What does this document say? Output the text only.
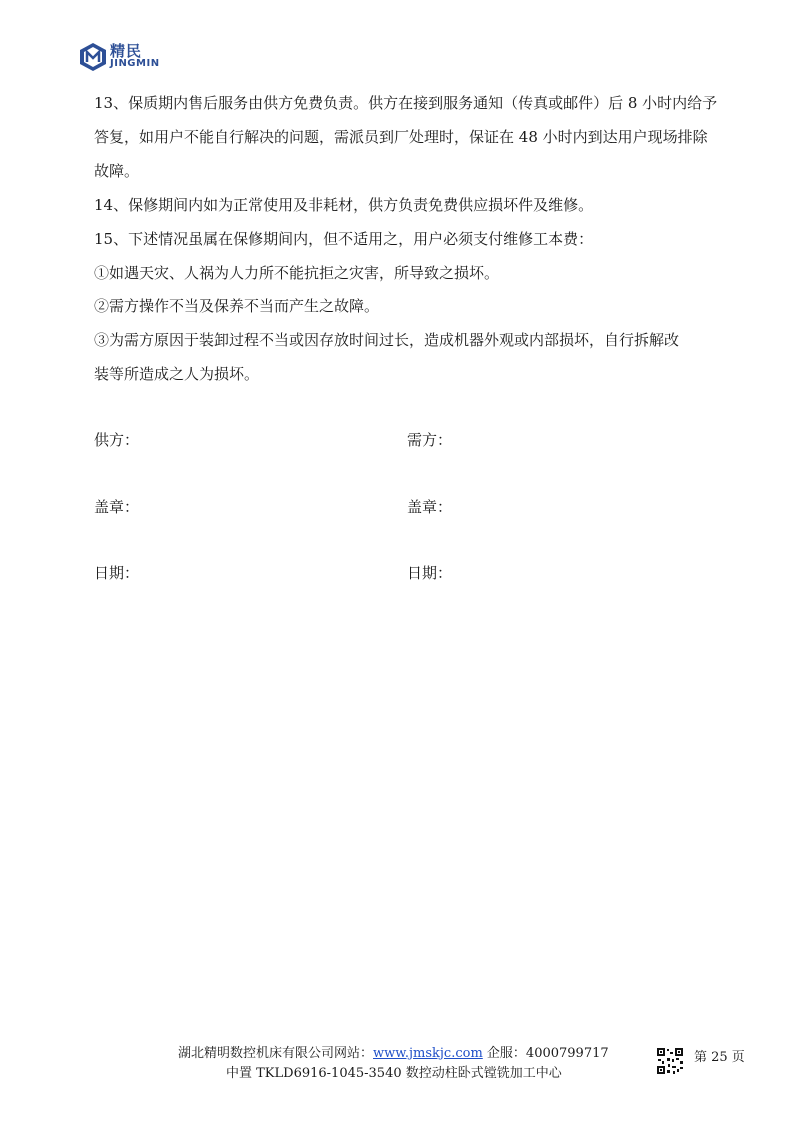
精民
JINGMIN

13、保质期内售后服务由供方免费负责。供方在接到服务通知（传真或邮件）后 8 小时内给予

答复，如用户不能自行解决的问题，需派员到厂处理时，保证在 48 小时内到达用户现场排除

故障。

14、保修期间内如为正常使用及非耗材，供方负责免费供应损坏件及维修。

15、下述情况虽属在保修期间内，但不适用之，用户必须支付维修工本费：

①如遇天灾、人祸为人力所不能抗拒之灾害，所导致之损坏。

②需方操作不当及保养不当而产生之故障。

③为需方原因于装卸过程不当或因存放时间过长，造成机器外观或内部损坏，自行拆解改

装等所造成之人为损坏。

供方：	需方：
盖章：	盖章：
日期：	日期：
湖北精明数控机床有限公司网站：www.jmskjc.com 企服：4000799717
中置 TKLD6916-1045-3540 数控动柱卧式镗铣加工中心
第 25 页
